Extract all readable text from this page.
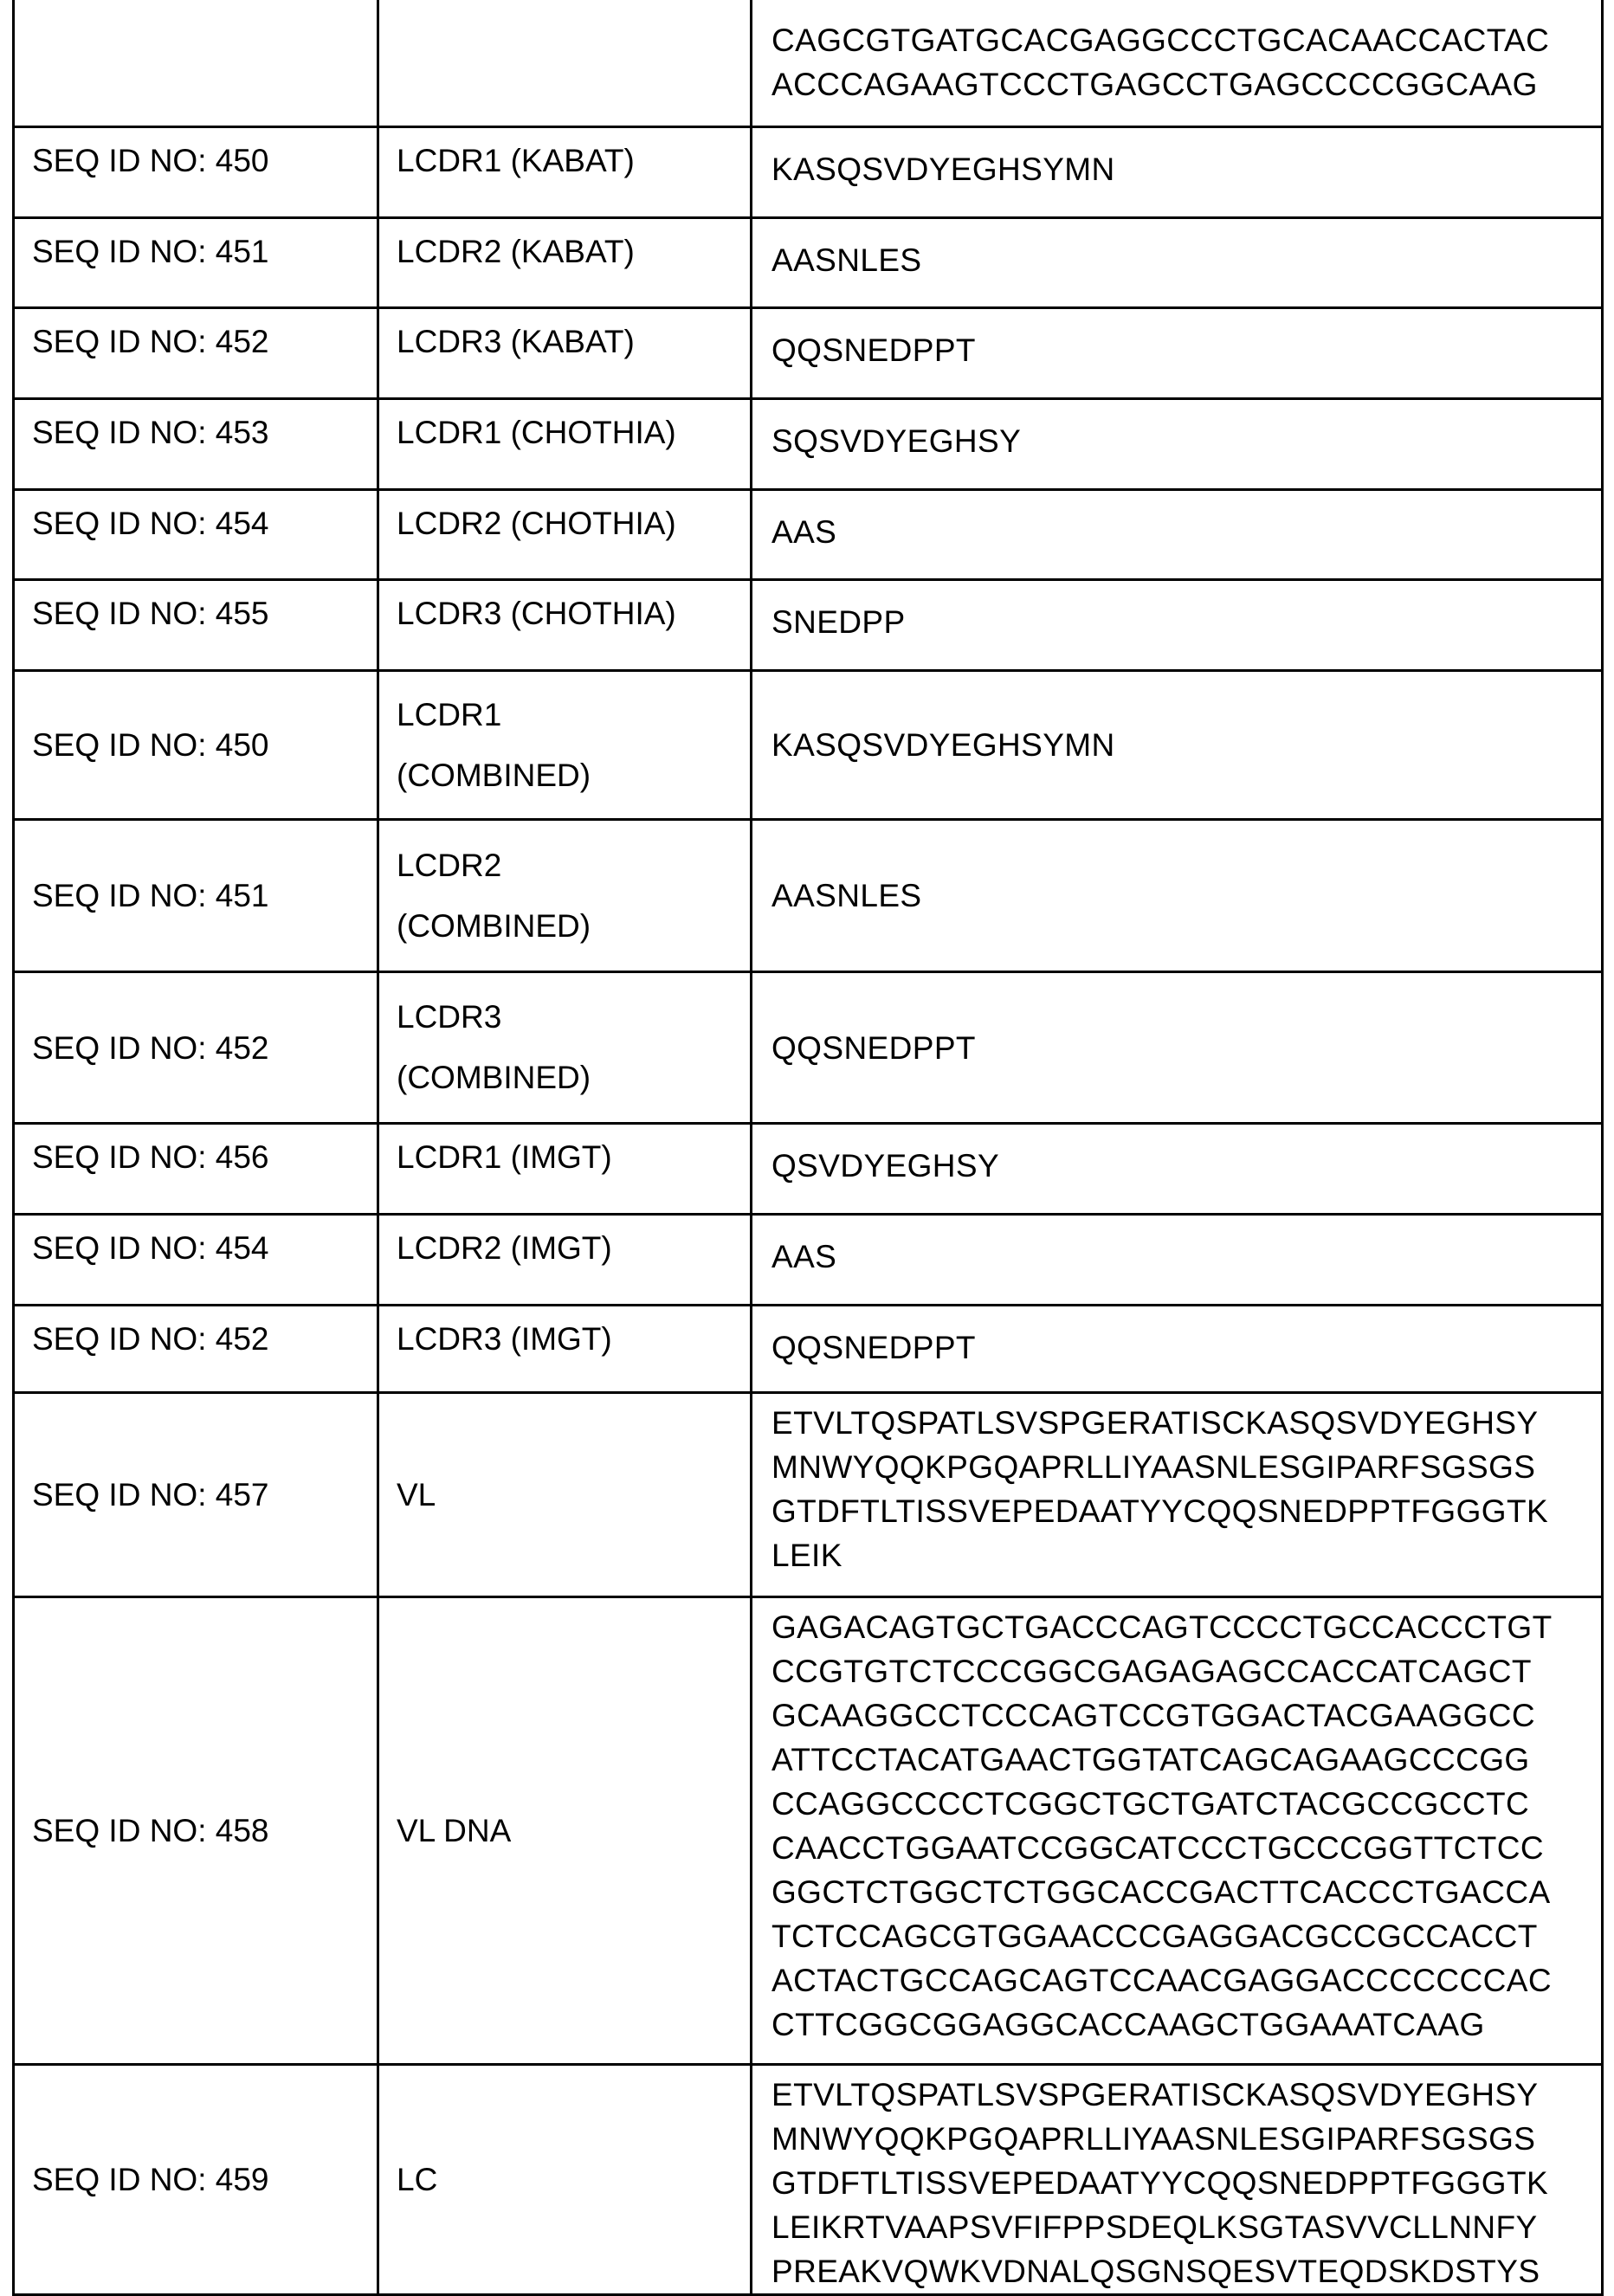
CAGCGTGATGCACGAGGCCCTGCACAACCACTAC
ACCCAGAAGTCCCTGAGCCTGAGCCCCGGCAAG

SEQ ID NO: 450	LCDR1 (KABAT)	KASQSVDYEGHSYMN

SEQ ID NO: 451	LCDR2 (KABAT)	AASNLES

SEQ ID NO: 452	LCDR3 (KABAT)	QQSNEDPPT

SEQ ID NO: 453	LCDR1 (CHOTHIA)	SQSVDYEGHSY

SEQ ID NO: 454	LCDR2 (CHOTHIA)	AAS

SEQ ID NO: 455	LCDR3 (CHOTHIA)	SNEDPP

SEQ ID NO: 450	
LCDR1
(COMBINED)

KASQSVDYEGHSYMN

SEQ ID NO: 451	
LCDR2
(COMBINED)

AASNLES

SEQ ID NO: 452	
LCDR3
(COMBINED)

QQSNEDPPT

SEQ ID NO: 456	LCDR1 (IMGT)	QSVDYEGHSY

SEQ ID NO: 454	LCDR2 (IMGT)	AAS

SEQ ID NO: 452	LCDR3 (IMGT)	QQSNEDPPT

SEQ ID NO: 457	VL	
ETVLTQSPATLSVSPGERATISCKASQSVDYEGHSY
MNWYQQKPGQAPRLLIYAASNLESGIPARFSGSGS
GTDFTLTISSVEPEDAATYYCQQSNEDPPTFGGGTK
LEIK

SEQ ID NO: 458	VL DNA	
GAGACAGTGCTGACCCAGTCCCCTGCCACCCTGT
CCGTGTCTCCCGGCGAGAGAGCCACCATCAGCT
GCAAGGCCTCCCAGTCCGTGGACTACGAAGGCC
ATTCCTACATGAACTGGTATCAGCAGAAGCCCGG
CCAGGCCCCTCGGCTGCTGATCTACGCCGCCTC
CAACCTGGAATCCGGCATCCCTGCCCGGTTCTCC
GGCTCTGGCTCTGGCACCGACTTCACCCTGACCA
TCTCCAGCGTGGAACCCGAGGACGCCGCCACCT
ACTACTGCCAGCAGTCCAACGAGGACCCCCCCAC
CTTCGGCGGAGGCACCAAGCTGGAAATCAAG

SEQ ID NO: 459	LC	
ETVLTQSPATLSVSPGERATISCKASQSVDYEGHSY
MNWYQQKPGQAPRLLIYAASNLESGIPARFSGSGS
GTDFTLTISSVEPEDAATYYCQQSNEDPPTFGGGTK
LEIKRTVAAPSVFIFPPSDEQLKSGTASVVCLLNNFY
PREAKVQWKVDNALQSGNSQESVTEQDSKDSTYS
